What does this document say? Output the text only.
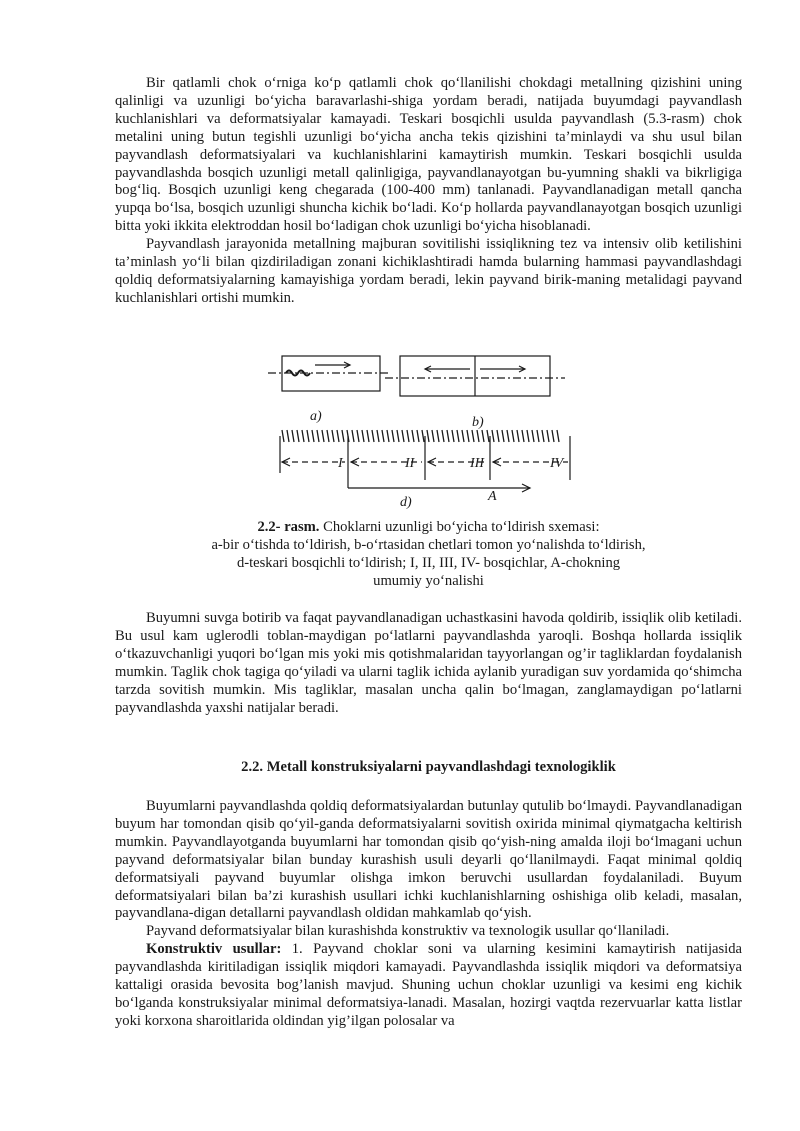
Bir qatlamli chok o‘rniga ko‘p qatlamli chok qo‘llanilishi chokdagi metallning qizishini uning qalinligi va uzunligi bo‘yicha baravarlashi-shiga yordam beradi, natijada buyumdagi payvandlash kuchlanishlari va deformatsiyalar kamayadi. Teskari bosqichli usulda payvandlash (5.3-rasm) chok metalini uning butun tegishli uzunligi bo‘yicha ancha tekis qizishini ta’minlaydi va shu usul bilan payvandlash deformatsiyalari va kuchlanishlarini kamaytirish mumkin. Teskari bosqichli usulda payvandlashda bosqich uzunligi metall qalinligiga, payvandlanayotgan bu-yumning shakli va bikrligiga bog‘liq. Bosqich uzunligi keng chegarada (100-400 mm) tanlanadi. Payvandlanadigan metall qancha yupqa bo‘lsa, bosqich uzunligi shuncha kichik bo‘ladi. Ko‘p hollarda payvandlanayotgan bosqich uzunligi bitta yoki ikkita elektroddan hosil bo‘ladigan chok uzunligi bo‘yicha hisoblanadi.

Payvandlash jarayonida metallning majburan sovitilishi issiqlikning tez va intensiv olib ketilishini ta’minlash yo‘li bilan qizdiriladigan zonani kichiklashtiradi hamda bularning hammasi payvandlashdagi qoldiq deformatsiyalarning kamayishiga yordam beradi, lekin payvand birik-maning metalidagi payvand kuchlanishlari ortishi mumkin.

a)	b)
d)	A
I	II	III	IV
2.2- rasm. Choklarni uzunligi bo‘yicha to‘ldirish sxemasi:
a-bir o‘tishda to‘ldirish, b-o‘rtasidan chetlari tomon yo‘nalishda to‘ldirish,
d-teskari bosqichli to‘ldirish; I, II, III, IV- bosqichlar, A-chokning
umumiy yo‘nalishi

Buyumni suvga botirib va faqat payvandlanadigan uchastkasini havoda qoldirib, issiqlik olib ketiladi. Bu usul kam uglerodli toblan-maydigan po‘latlarni payvandlashda yaroqli. Boshqa hollarda issiqlik o‘tkazuvchanligi yuqori bo‘lgan mis yoki mis qotishmalaridan tayyorlangan og’ir tagliklardan foydalanish mumkin. Taglik chok tagiga qo‘yiladi va ularni taglik ichida aylanib yuradigan suv yordamida qo‘shimcha tarzda sovitish mumkin. Mis tagliklar, masalan uncha qalin bo‘lmagan, zanglamaydigan po‘latlarni payvandlashda yaxshi natijalar beradi.

2.2. Metall konstruksiyalarni payvandlashdagi texnologiklik

Buyumlarni payvandlashda qoldiq deformatsiyalardan butunlay qutulib bo‘lmaydi. Payvandlanadigan buyum har tomondan qisib qo‘yil-ganda deformatsiyalarni sovitish oxirida minimal qiymatgacha keltirish mumkin. Payvandlayotganda buyumlarni har tomondan qisib qo‘yish-ning amalda iloji bo‘lmagani uchun payvand deformatsiyalar bilan bunday kurashish usuli deyarli qo‘llanilmaydi. Faqat minimal qoldiq deformatsiyali payvand buyumlar olishga imkon beruvchi usullardan foydalaniladi. Buyum deformatsiyalari bilan ba’zi kurashish usullari ichki kuchlanishlarning oshishiga olib keladi, masalan, payvandlana-digan detallarni payvandlash oldidan mahkamlab qo‘yish.

Payvand deformatsiyalar bilan kurashishda konstruktiv va texnologik usullar qo‘llaniladi.

Konstruktiv usullar: 1. Payvand choklar soni va ularning kesimini kamaytirish natijasida payvandlashda kiritiladigan issiqlik miqdori kamayadi. Payvandlashda issiqlik miqdori va deformatsiya kattaligi orasida bevosita bog’lanish mavjud. Shuning uchun choklar uzunligi va kesimi eng kichik bo‘lganda konstruksiyalar minimal deformatsiya-lanadi. Masalan, hozirgi vaqtda rezervuarlar katta listlar yoki korxona sharoitlarida oldindan yig’ilgan polosalar va
